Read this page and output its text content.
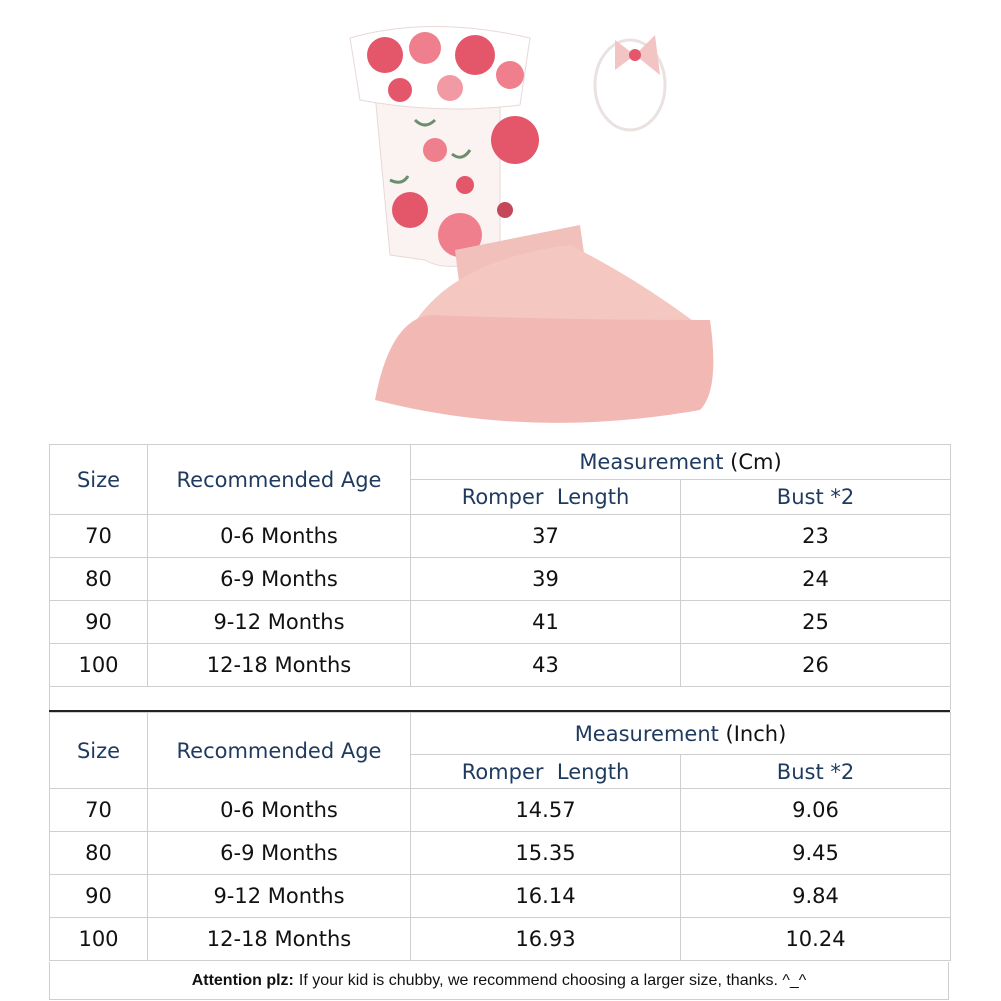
Size	Recommended Age	Measurement (Cm)	
		Romper  Length	Bust *2
70	0-6 Months	37	23
80	6-9 Months	39	24
90	9-12 Months	41	25
100	12-18 Months	43	26
Size	Recommended Age	Measurement (Inch)	
		Romper  Length	Bust *2
70	0-6 Months	14.57	9.06
80	6-9 Months	15.35	9.45
90	9-12 Months	16.14	9.84
100	12-18 Months	16.93	10.24
Attention plz: If your kid is chubby, we recommend choosing a larger size, thanks. ^_^
